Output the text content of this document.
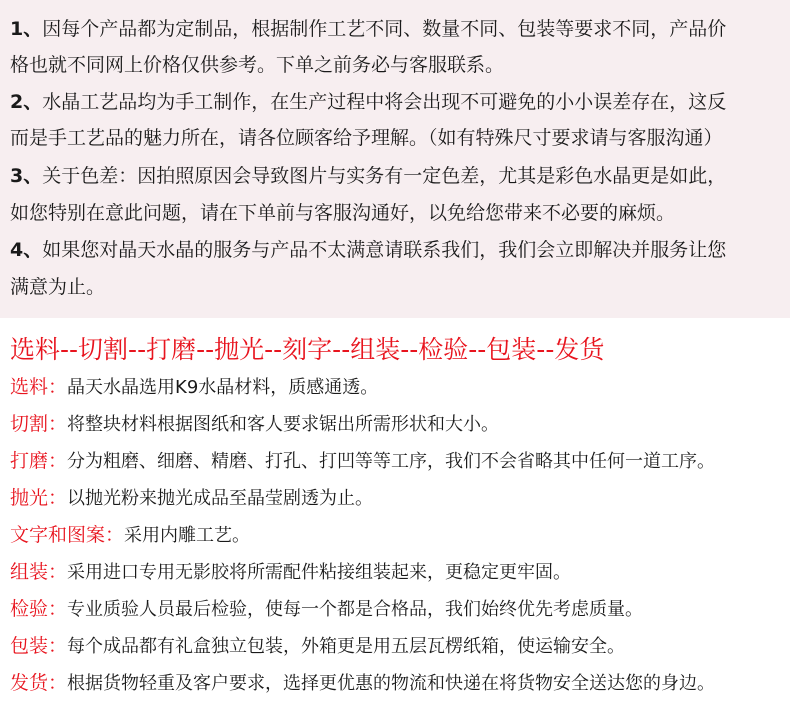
1、因每个产品都为定制品，根据制作工艺不同、数量不同、包装等要求不同，产品价
格也就不同网上价格仅供参考。下单之前务必与客服联系。
2、水晶工艺品均为手工制作，在生产过程中将会出现不可避免的小小误差存在，这反
而是手工艺品的魅力所在，请各位顾客给予理解。（如有特殊尺寸要求请与客服沟通）
3、关于色差：因拍照原因会导致图片与实务有一定色差，尤其是彩色水晶更是如此，
如您特别在意此问题，请在下单前与客服沟通好，以免给您带来不必要的麻烦。
4、如果您对晶天水晶的服务与产品不太满意请联系我们，我们会立即解决并服务让您
满意为止。
选料--切割--打磨--抛光--刻字--组装--检验--包装--发货
选料：晶天水晶选用K9水晶材料，质感通透。
切割：将整块材料根据图纸和客人要求锯出所需形状和大小。
打磨：分为粗磨、细磨、精磨、打孔、打凹等等工序，我们不会省略其中任何一道工序。
抛光：以抛光粉来抛光成品至晶莹剧透为止。
文字和图案：采用内雕工艺。
组装：采用进口专用无影胶将所需配件粘接组装起来，更稳定更牢固。
检验：专业质验人员最后检验，使每一个都是合格品，我们始终优先考虑质量。
包装：每个成品都有礼盒独立包装，外箱更是用五层瓦楞纸箱，使运输安全。
发货：根据货物轻重及客户要求，选择更优惠的物流和快递在将货物安全送达您的身边。
